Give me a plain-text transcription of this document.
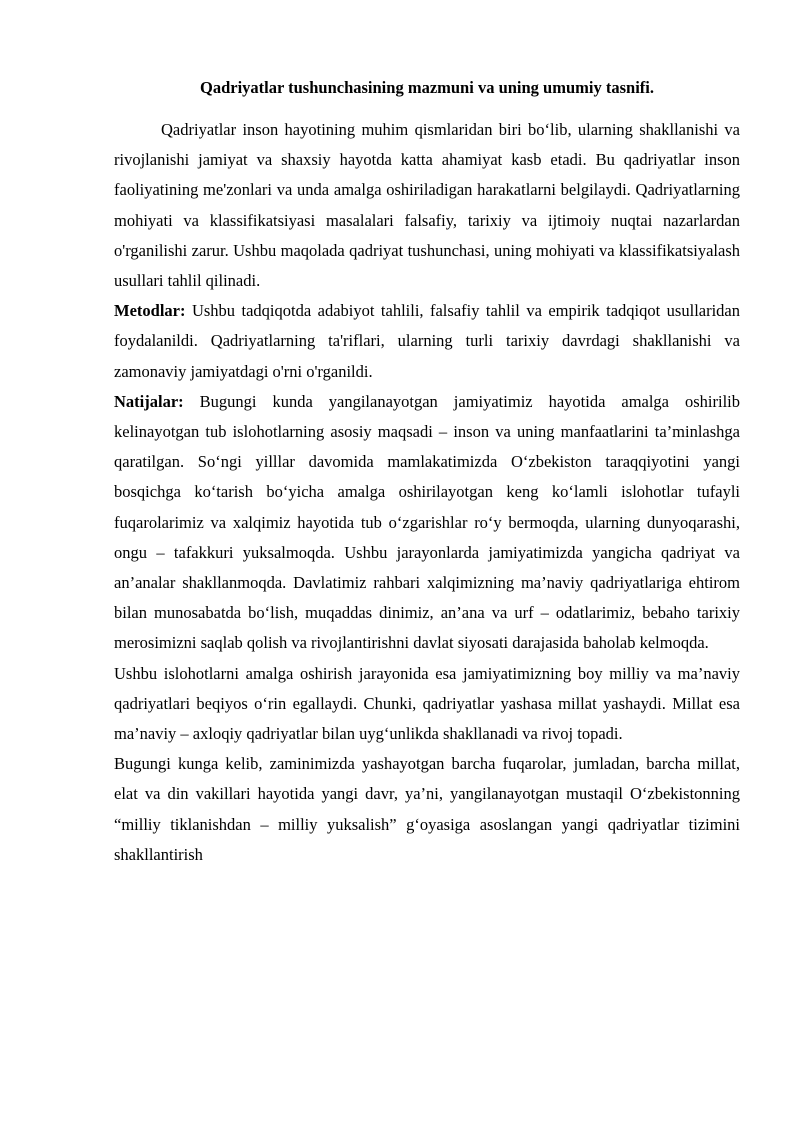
Qadriyatlar tushunchasining mazmuni va uning umumiy tasnifi.

Qadriyatlar inson hayotining muhim qismlaridan biri bo‘lib, ularning shakllanishi va rivojlanishi jamiyat va shaxsiy hayotda katta ahamiyat kasb etadi. Bu qadriyatlar inson faoliyatining me'zonlari va unda amalga oshiriladigan harakatlarni belgilaydi. Qadriyatlarning mohiyati va klassifikatsiyasi masalalari falsafiy, tarixiy va ijtimoiy nuqtai nazarlardan o'rganilishi zarur. Ushbu maqolada qadriyat tushunchasi, uning mohiyati va klassifikatsiyalash usullari tahlil qilinadi.

Metodlar: Ushbu tadqiqotda adabiyot tahlili, falsafiy tahlil va empirik tadqiqot usullaridan foydalanildi. Qadriyatlarning ta'riflari, ularning turli tarixiy davrdagi shakllanishi va zamonaviy jamiyatdagi o'rni o'rganildi.

Natijalar: Bugungi kunda yangilanayotgan jamiyatimiz hayotida amalga oshirilib kelinayotgan tub islohotlarning asosiy maqsadi – inson va uning manfaatlarini ta’minlashga qaratilgan. So‘ngi yilllar davomida mamlakatimizda O‘zbekiston taraqqiyotini yangi bosqichga ko‘tarish bo‘yicha amalga oshirilayotgan keng ko‘lamli islohotlar tufayli fuqarolarimiz va xalqimiz hayotida tub o‘zgarishlar ro‘y bermoqda, ularning dunyoqarashi, ongu – tafakkuri yuksalmoqda. Ushbu jarayonlarda jamiyatimizda yangicha qadriyat va an’analar shakllanmoqda. Davlatimiz rahbari xalqimizning ma’naviy qadriyatlariga ehtirom bilan munosabatda bo‘lish, muqaddas dinimiz, an’ana va urf – odatlarimiz, bebaho tarixiy merosimizni saqlab qolish va rivojlantirishni davlat siyosati darajasida baholab kelmoqda.

Ushbu islohotlarni amalga oshirish jarayonida esa jamiyatimizning boy milliy va ma’naviy qadriyatlari beqiyos o‘rin egallaydi. Chunki, qadriyatlar yashasa millat yashaydi. Millat esa ma’naviy – axloqiy qadriyatlar bilan uyg‘unlikda shakllanadi va rivoj topadi.

Bugungi kunga kelib, zaminimizda yashayotgan barcha fuqarolar, jumladan, barcha millat, elat va din vakillari hayotida yangi davr, ya’ni, yangilanayotgan mustaqil O‘zbekistonning “milliy tiklanishdan – milliy yuksalish” g‘oyasiga asoslangan yangi qadriyatlar tizimini shakllantirish
